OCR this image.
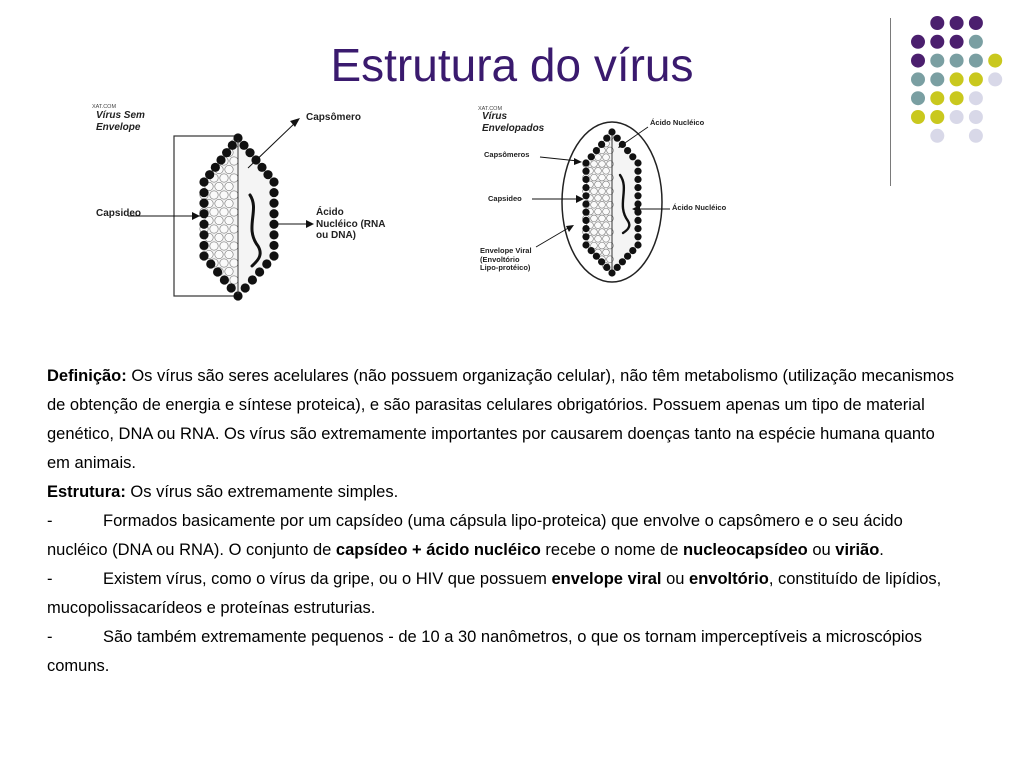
Estrutura do vírus
XAT.COM
Vírus Sem
Envelope
Capsômero
Capsideo	Ácido
Nucléico (RNA
ou DNA)
XAT.COM
Vírus
Envelopados	Ácido Nucléico
Capsômeros
Capsideo
Ácido Nucléico
Envelope Viral
(Envoltório
Lipo-protéico)

Definição: Os vírus são seres acelulares (não possuem organização celular), não têm metabolismo (utilização mecanismos de obtenção de energia e síntese proteica), e são parasitas celulares obrigatórios. Possuem apenas um tipo de material genético, DNA ou RNA. Os vírus são extremamente importantes por causarem doenças tanto na espécie humana quanto em animais.

Estrutura: Os vírus são extremamente simples.

-	Formados basicamente por um capsídeo (uma cápsula lipo-proteica) que envolve o capsômero e o seu ácido nucléico (DNA ou RNA). O conjunto de capsídeo + ácido nucléico recebe o nome de nucleocapsídeo ou virião.

-	Existem vírus, como o vírus da gripe, ou o HIV que possuem envelope viral ou envoltório, constituído de lipídios, mucopolissacarídeos e proteínas estruturias.

-	São também extremamente pequenos - de 10 a 30 nanômetros, o que os tornam imperceptíveis a microscópios comuns.
